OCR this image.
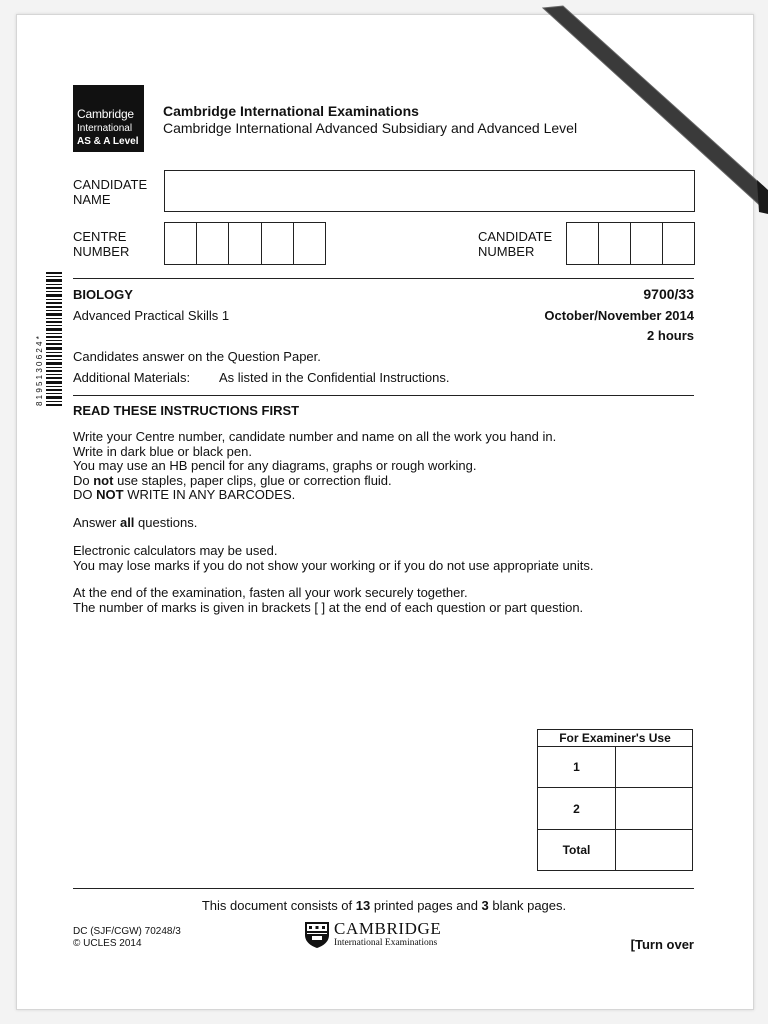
www.XtremePapers.com
Cambridge
International
AS & A Level
Cambridge International Examinations
Cambridge International Advanced Subsidiary and Advanced Level
CANDIDATE
NAME
CENTRE
NUMBER
CANDIDATE
NUMBER
8 1 9 5 1 3 0 6 2 4 *
BIOLOGY	9700/33
Advanced Practical Skills 1	October/November 2014
2 hours
Candidates answer on the Question Paper.
Additional Materials: As listed in the Confidential Instructions.
READ THESE INSTRUCTIONS FIRST
Write your Centre number, candidate number and name on all the work you hand in.
Write in dark blue or black pen.
You may use an HB pencil for any diagrams, graphs or rough working.
Do not use staples, paper clips, glue or correction fluid.
DO NOT WRITE IN ANY BARCODES.
Answer all questions.
Electronic calculators may be used.
You may lose marks if you do not show your working or if you do not use appropriate units.
At the end of the examination, fasten all your work securely together.
The number of marks is given in brackets [ ] at the end of each question or part question.
For Examiner's Use	
1	
2	
Total	
This document consists of 13 printed pages and 3 blank pages.
DC (SJF/CGW) 70248/3
© UCLES 2014
CAMBRIDGE
International Examinations	[Turn over
